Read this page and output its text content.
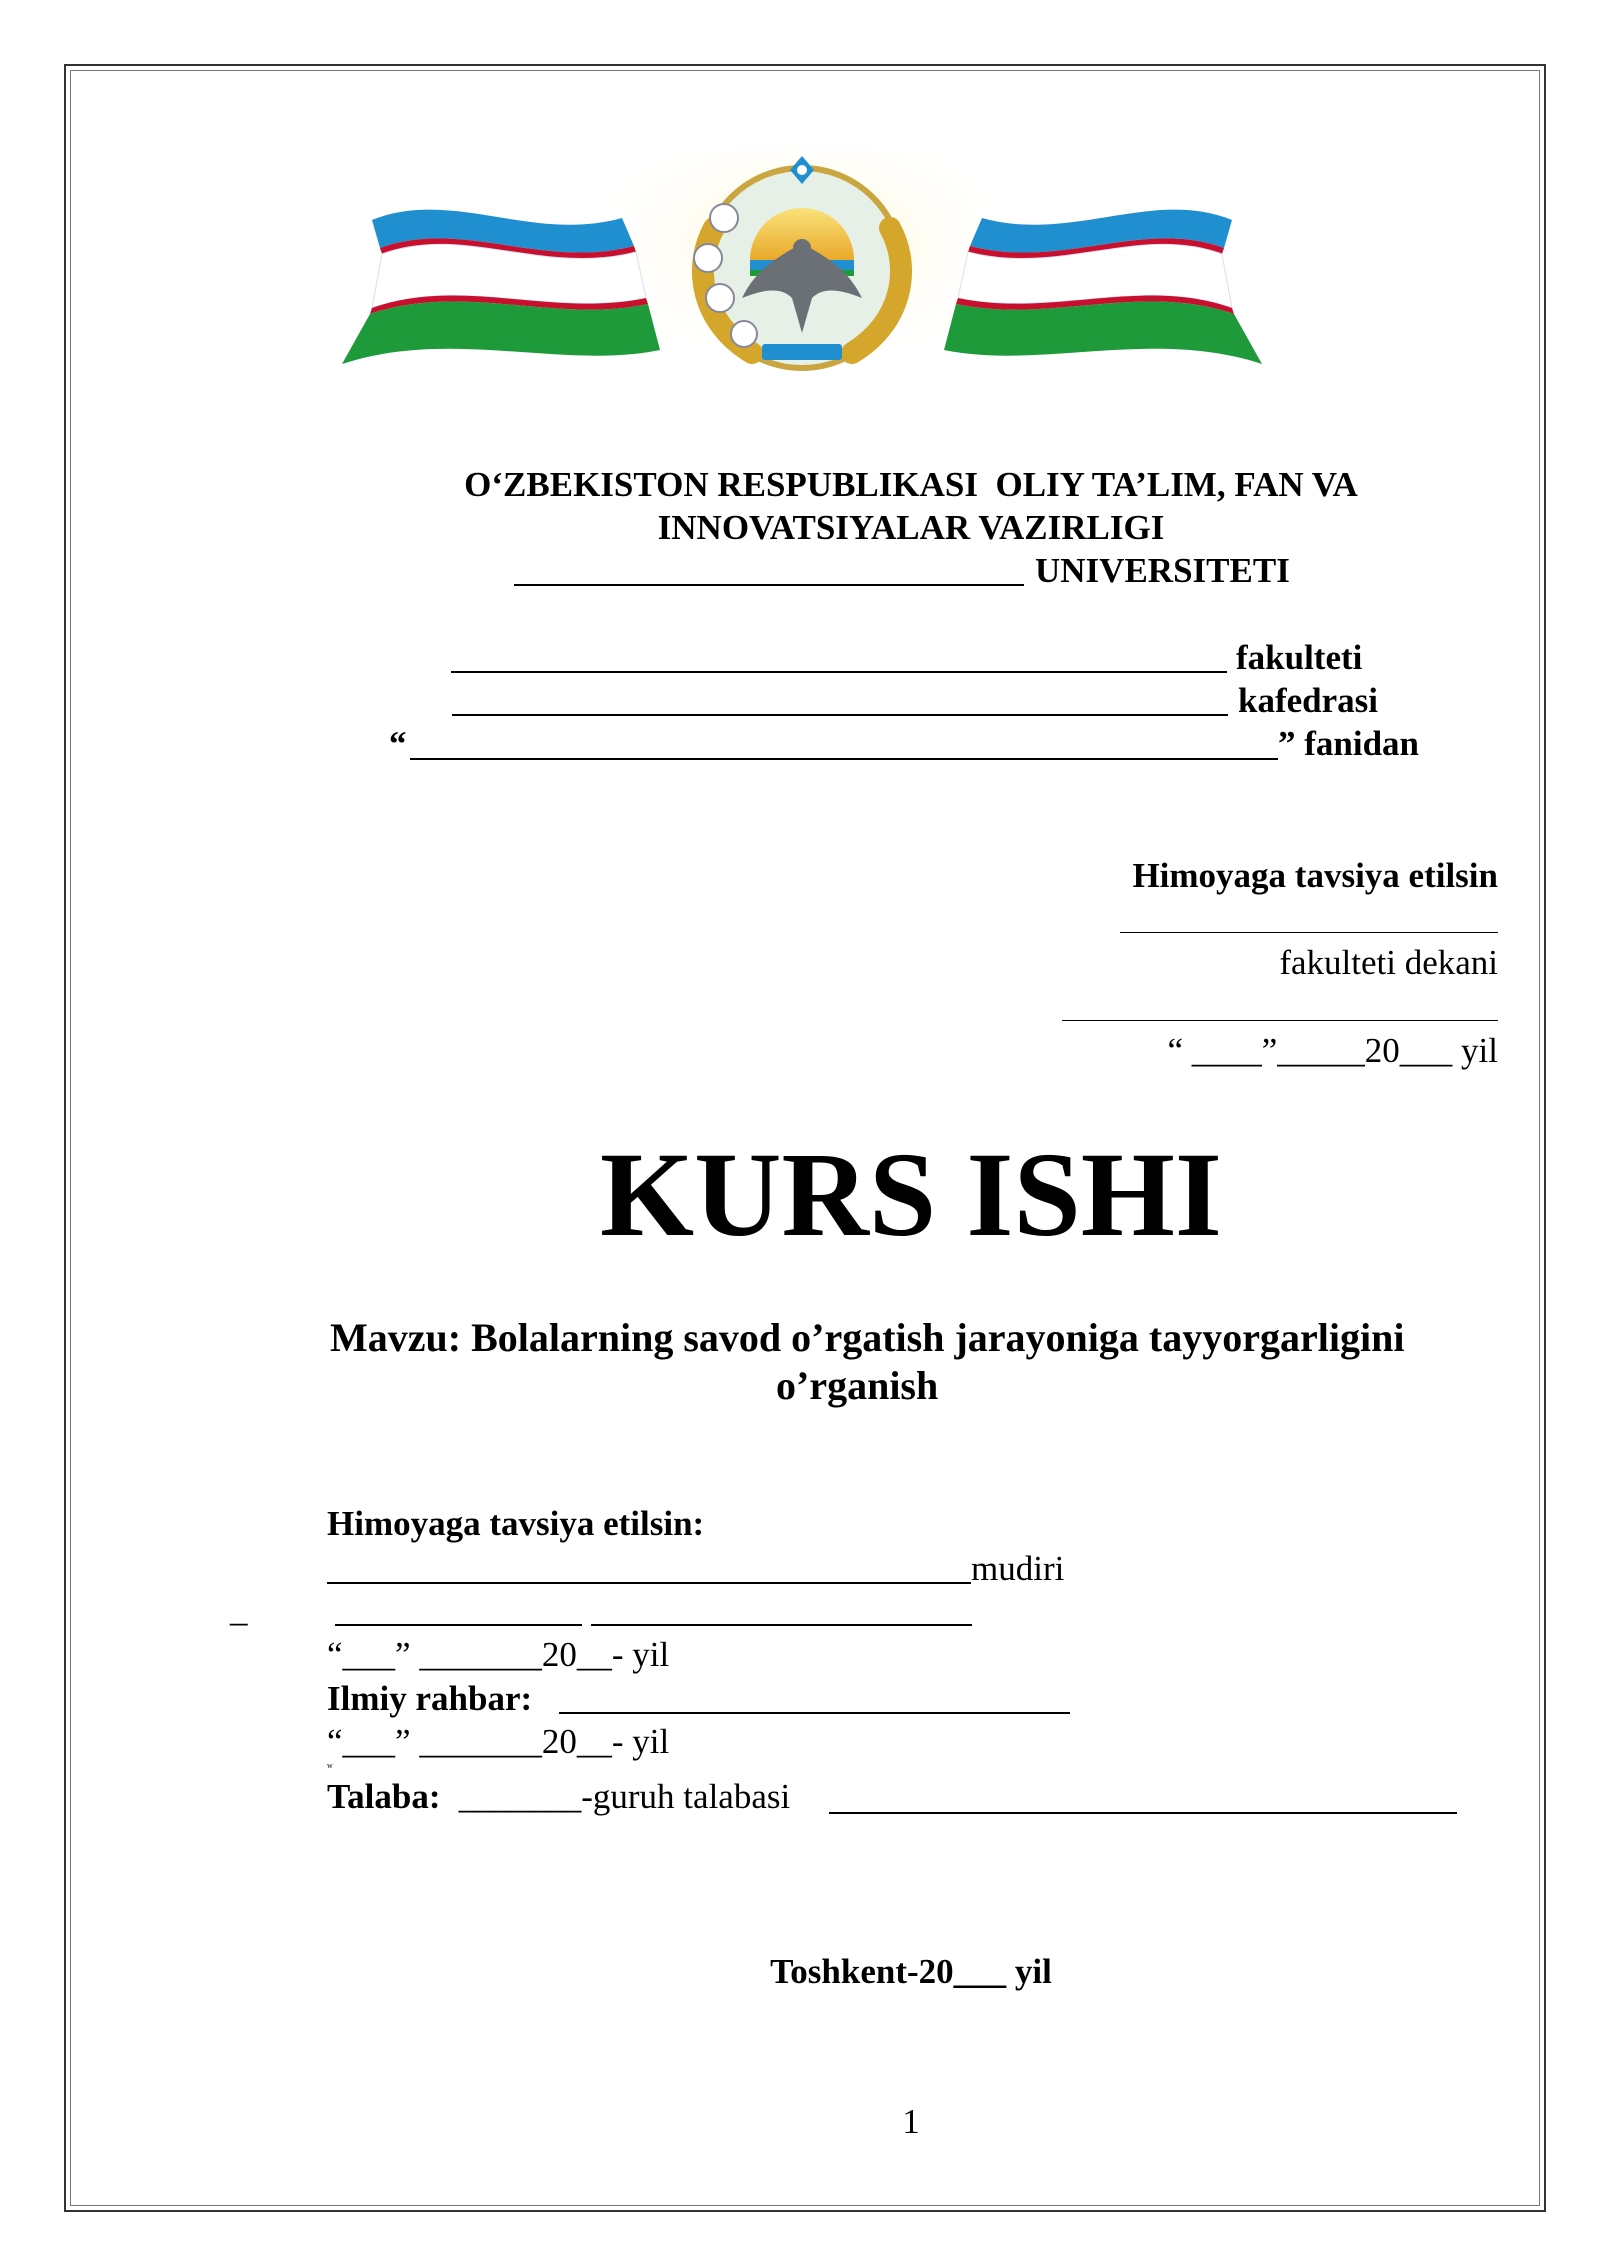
O‘ZBEKISTON RESPUBLIKASI  OLIY TA’LIM, FAN VA
INNOVATSIYALAR VAZIRLIGI
UNIVERSITETI
fakulteti
kafedrasi
“	” fanidan
Himoyaga tavsiya etilsin
fakulteti dekani
“ ____”_____20___ yil
KURS ISHI
Mavzu: Bolalarning savod o’rgatish jarayoniga tayyorgarligini
o’rganish
Himoyaga tavsiya etilsin:
mudiri
_
“___” _______20__- yil
Ilmiy rahbar:
“___” _______20__- yil
w
Talaba: _______-guruh talabasi
Toshkent-20___ yil
1
